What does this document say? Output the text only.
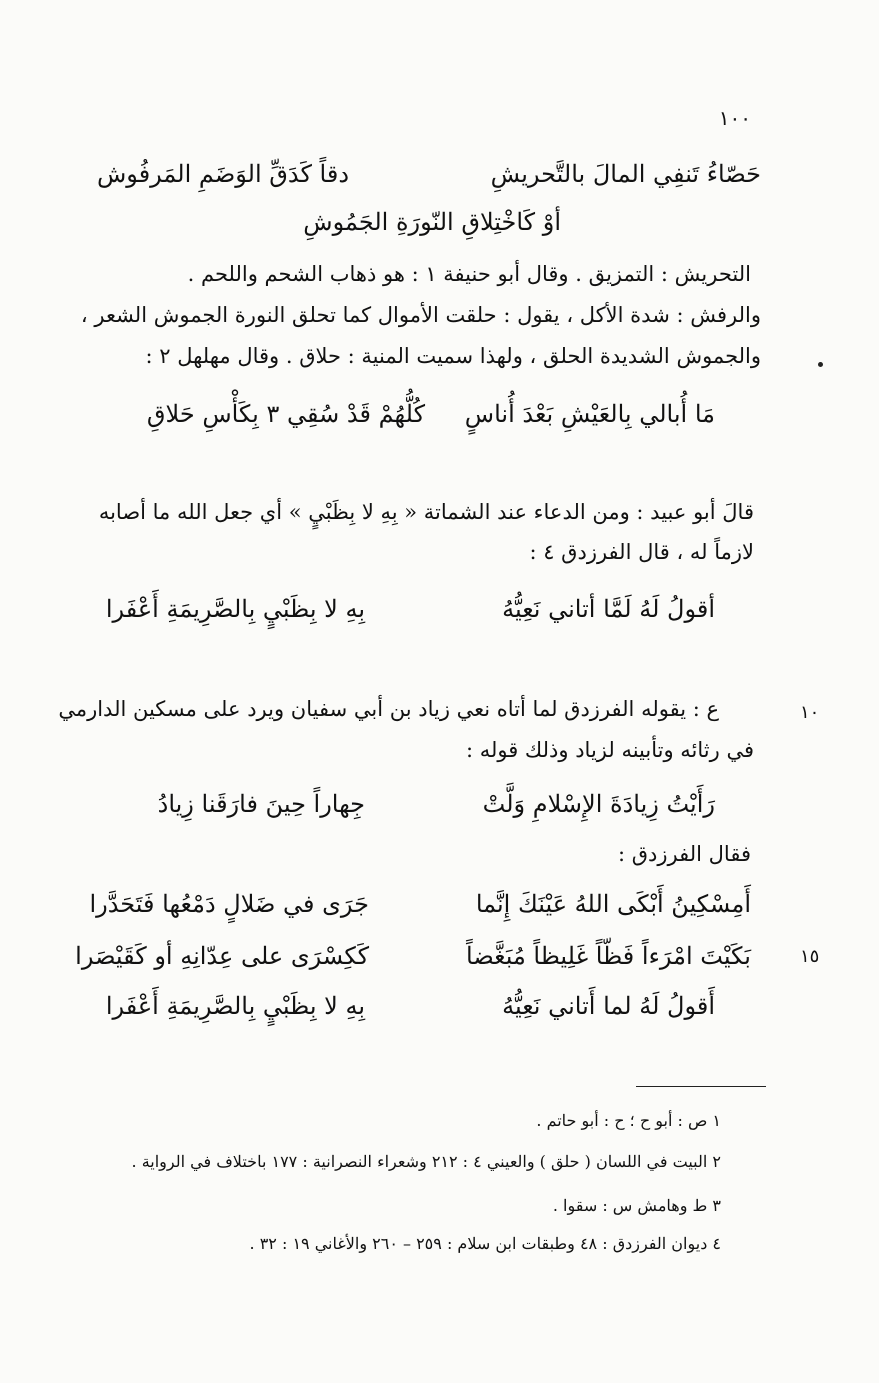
١٠٠
حَصّاءُ تَنفِي المالَ بالتَّحريشِ
دقاً كَدَقِّ الوَضَمِ المَرفُوش
أوْ كَاخْتِلاقِ النّورَةِ الجَمُوشِ
التحريش : التمزيق . وقال أبو حنيفة ١ : هو ذهاب الشحم واللحم .
والرفش : شدة الأكل ، يقول : حلقت الأموال كما تحلق النورة الجموش الشعر ،
والجموش الشديدة الحلق ، ولهذا سميت المنية : حلاق . وقال مهلهل ٢ :
مَا أُبالي بِالعَيْشِ بَعْدَ أُناسٍ
كُلُّهُمْ قَدْ سُقِي ٣ بِكَأْسِ حَلاقِ
قالَ أبو عبيد : ومن الدعاء عند الشماتة « بِهِ لا بِظَبْيٍ » أي جعل الله ما أصابه
لازماً له ، قال الفرزدق ٤ :
أقولُ لَهُ لَمَّا أتاني نَعِيُّهُ
بِهِ لا بِظَبْيٍ بِالصَّرِيمَةِ أَعْفَرا
١٠
ع : يقوله الفرزدق لما أتاه نعي زياد بن أبي سفيان ويرد على مسكين الدارمي
في رثائه وتأبينه لزياد وذلك قوله :
رَأَيْتُ زِيادَةَ الإِسْلامِ وَلَّتْ
جِهاراً حِينَ فارَقَنا زِيادُ
فقال الفرزدق :
أَمِسْكِينُ أَبْكَى اللهُ عَيْنَكَ إِنَّما
جَرَى في ضَلالٍ دَمْعُها فَتَحَدَّرا
١٥
بَكَيْتَ امْرَءاً فَظّاً غَلِيظاً مُبَغَّضاً
كَكِسْرَى على عِدّانِهِ أو كَقَيْصَرا
أَقولُ لَهُ لما أَتاني نَعِيُّهُ
بِهِ لا بِظَبْيٍ بِالصَّرِيمَةِ أَعْفَرا
١ ص : أبو ح ؛ ح : أبو حاتم .
٢ البيت في اللسان ( حلق ) والعيني ٤ : ٢١٢ وشعراء النصرانية : ١٧٧ باختلاف في الرواية .
٣ ط وهامش س : سقوا .
٤ ديوان الفرزدق : ٤٨ وطبقات ابن سلام : ٢٥٩ – ٢٦٠ والأغاني ١٩ : ٣٢ .
